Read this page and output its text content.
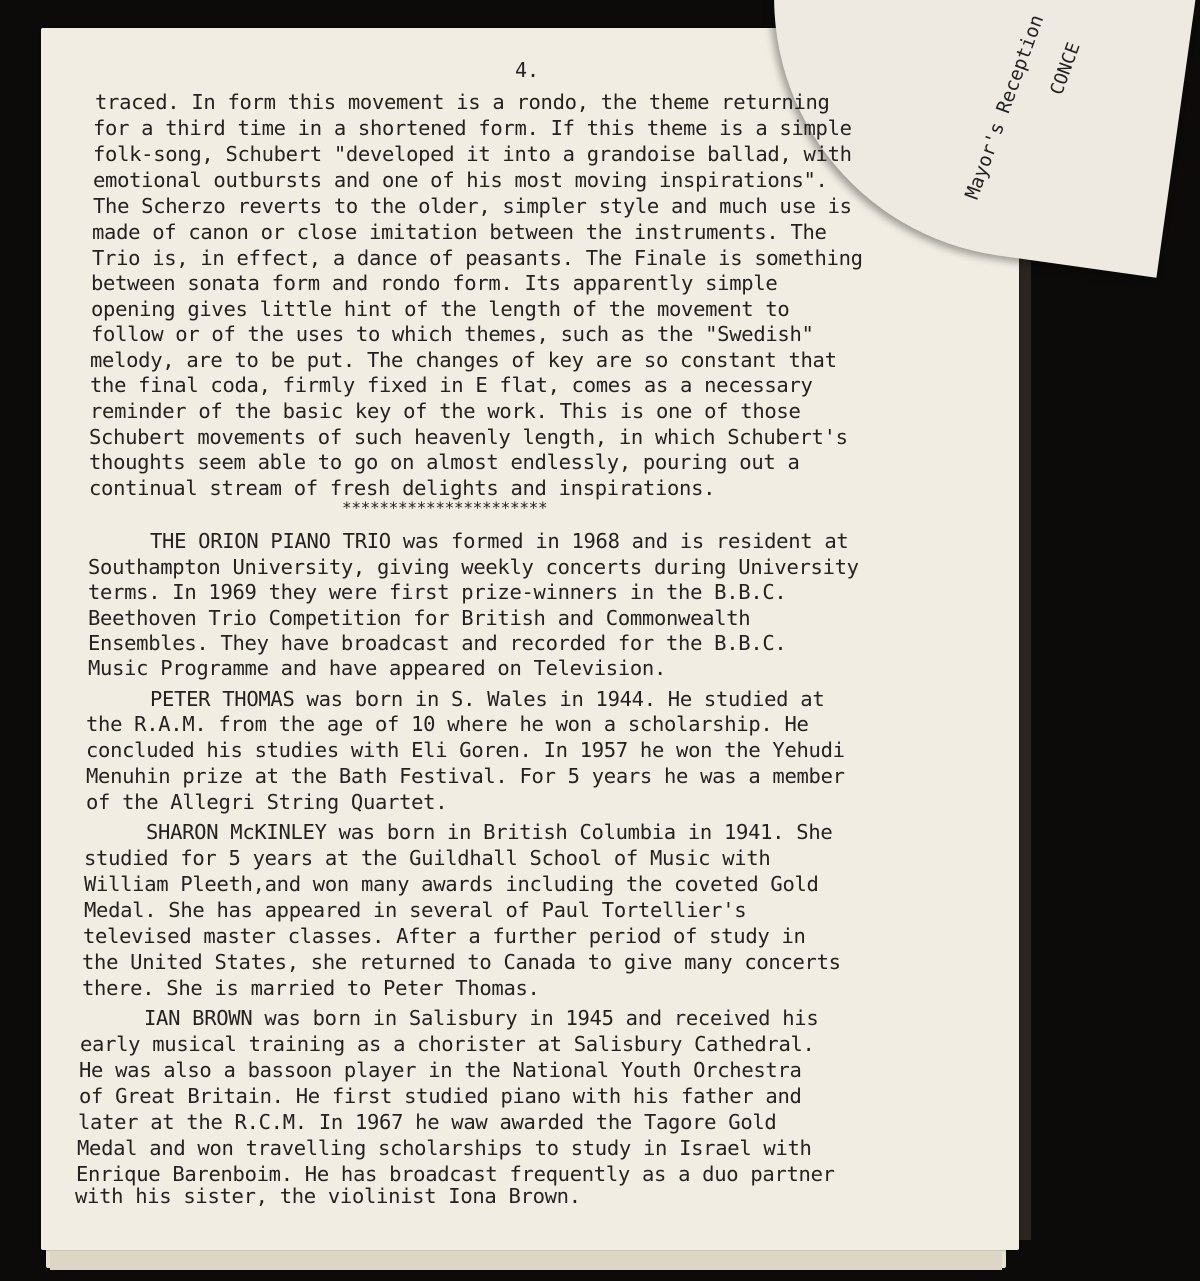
Mayor's Reception
CONCE
4.
traced. In form this movement is a rondo, the theme returning
for a third time in a shortened form. If this theme is a simple
folk-song, Schubert "developed it into a grandoise ballad, with
emotional outbursts and one of his most moving inspirations".
The Scherzo reverts to the older, simpler style and much use is
made of canon or close imitation between the instruments. The
Trio is, in effect, a dance of peasants. The Finale is something
between sonata form and rondo form. Its apparently simple
opening gives little hint of the length of the movement to
follow or of the uses to which themes, such as the "Swedish"
melody, are to be put. The changes of key are so constant that
the final coda, firmly fixed in E flat, comes as a necessary
reminder of the basic key of the work. This is one of those
Schubert movements of such heavenly length, in which Schubert's
thoughts seem able to go on almost endlessly, pouring out a
continual stream of fresh delights and inspirations.
**********************
THE ORION PIANO TRIO was formed in 1968 and is resident at
Southampton University, giving weekly concerts during University
terms. In 1969 they were first prize-winners in the B.B.C.
Beethoven Trio Competition for British and Commonwealth
Ensembles. They have broadcast and recorded for the B.B.C.
Music Programme and have appeared on Television.
PETER THOMAS was born in S. Wales in 1944. He studied at
the R.A.M. from the age of 10 where he won a scholarship. He
concluded his studies with Eli Goren. In 1957 he won the Yehudi
Menuhin prize at the Bath Festival. For 5 years he was a member
of the Allegri String Quartet.
SHARON McKINLEY was born in British Columbia in 1941. She
studied for 5 years at the Guildhall School of Music with
William Pleeth,and won many awards including the coveted Gold
Medal. She has appeared in several of Paul Tortellier's
televised master classes. After a further period of study in
the United States, she returned to Canada to give many concerts
there. She is married to Peter Thomas.
IAN BROWN was born in Salisbury in 1945 and received his
early musical training as a chorister at Salisbury Cathedral.
He was also a bassoon player in the National Youth Orchestra
of Great Britain. He first studied piano with his father and
later at the R.C.M. In 1967 he waw awarded the Tagore Gold
Medal and won travelling scholarships to study in Israel with
Enrique Barenboim. He has broadcast frequently as a duo partner
with his sister, the violinist Iona Brown.
